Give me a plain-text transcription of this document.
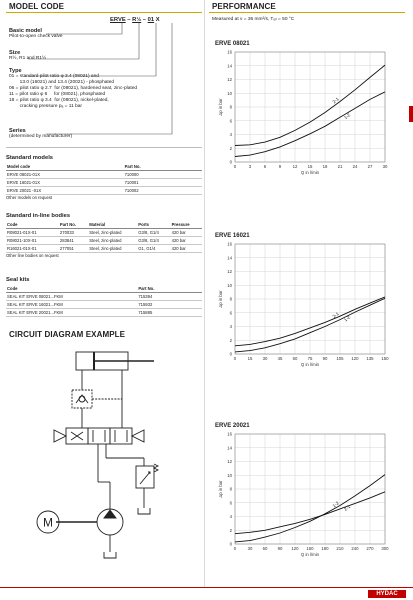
MODEL CODE
ERVE – R½ – 01 X
Basic model
Pilot-to-open check valve
Size
R½, R1 and R1½
Type
01 = standard pilot ratio φ 3.4 (08021) and
13.0 (16021) and 13.4 (20021) - phosphated
06 = pilot ratio φ 2.7  for (08021), hardened seat, zinc-plated
11 = pilot ratio φ 6     for (08021), phosphated
18 = pilot ratio φ 3.4  for (08021), nickel-plated,
cracking pressure pₐ = 11 bar
Series
(determined by manufacturer)
Standard models
Model code	Part No.
ERVE 08021-01X	710000
ERVE 16021-01X	710001
ERVE 20021 -01X	710002
Other models on request
Standard in-line bodies
Code	Part No.	Material	Ports	Pressure
R08021-01X-01	270033	Steel, zinc-plated	G3/8, G1/4	420 bar
R08021-10X-01	283841	Steel, zinc-plated	G3/8, G1/4	420 bar
R16021-01X-01	277051	Steel, zinc-plated	G1, G1/4	420 bar
Other line bodies on request
Seal kits
Code	Part No.
SEAL KIT ERVE 08021...FKM	715394
SEAL KIT ERVE 16021...FKM	715932
SEAL KIT ERVE 20021...FKM	715885
CIRCUIT DIAGRAM EXAMPLE
M
PERFORMANCE
Measured at ν = 36 mm²/s, Tₒᵢₗ = 50 °C
ERVE 08021
0
2
4
6
8
10
12
14
16
0	3	6	9	12 15 18 21 24 27 30
Q in l/min
Δp in bar	2-1
1-2
ERVE 16021
0
2
4
6
8
10
12
14
16
0	15 30 45 60 75 90 105 120 135 150
Q in l/min
Δp in bar
2-1 1-2
ERVE 20021
0
2
4
6
8
10
12
14
16
0	30 60 90 120 150 180 210 240 270 300
Q in l/min
Δp in bar
1-2 2-1
HYDAC
